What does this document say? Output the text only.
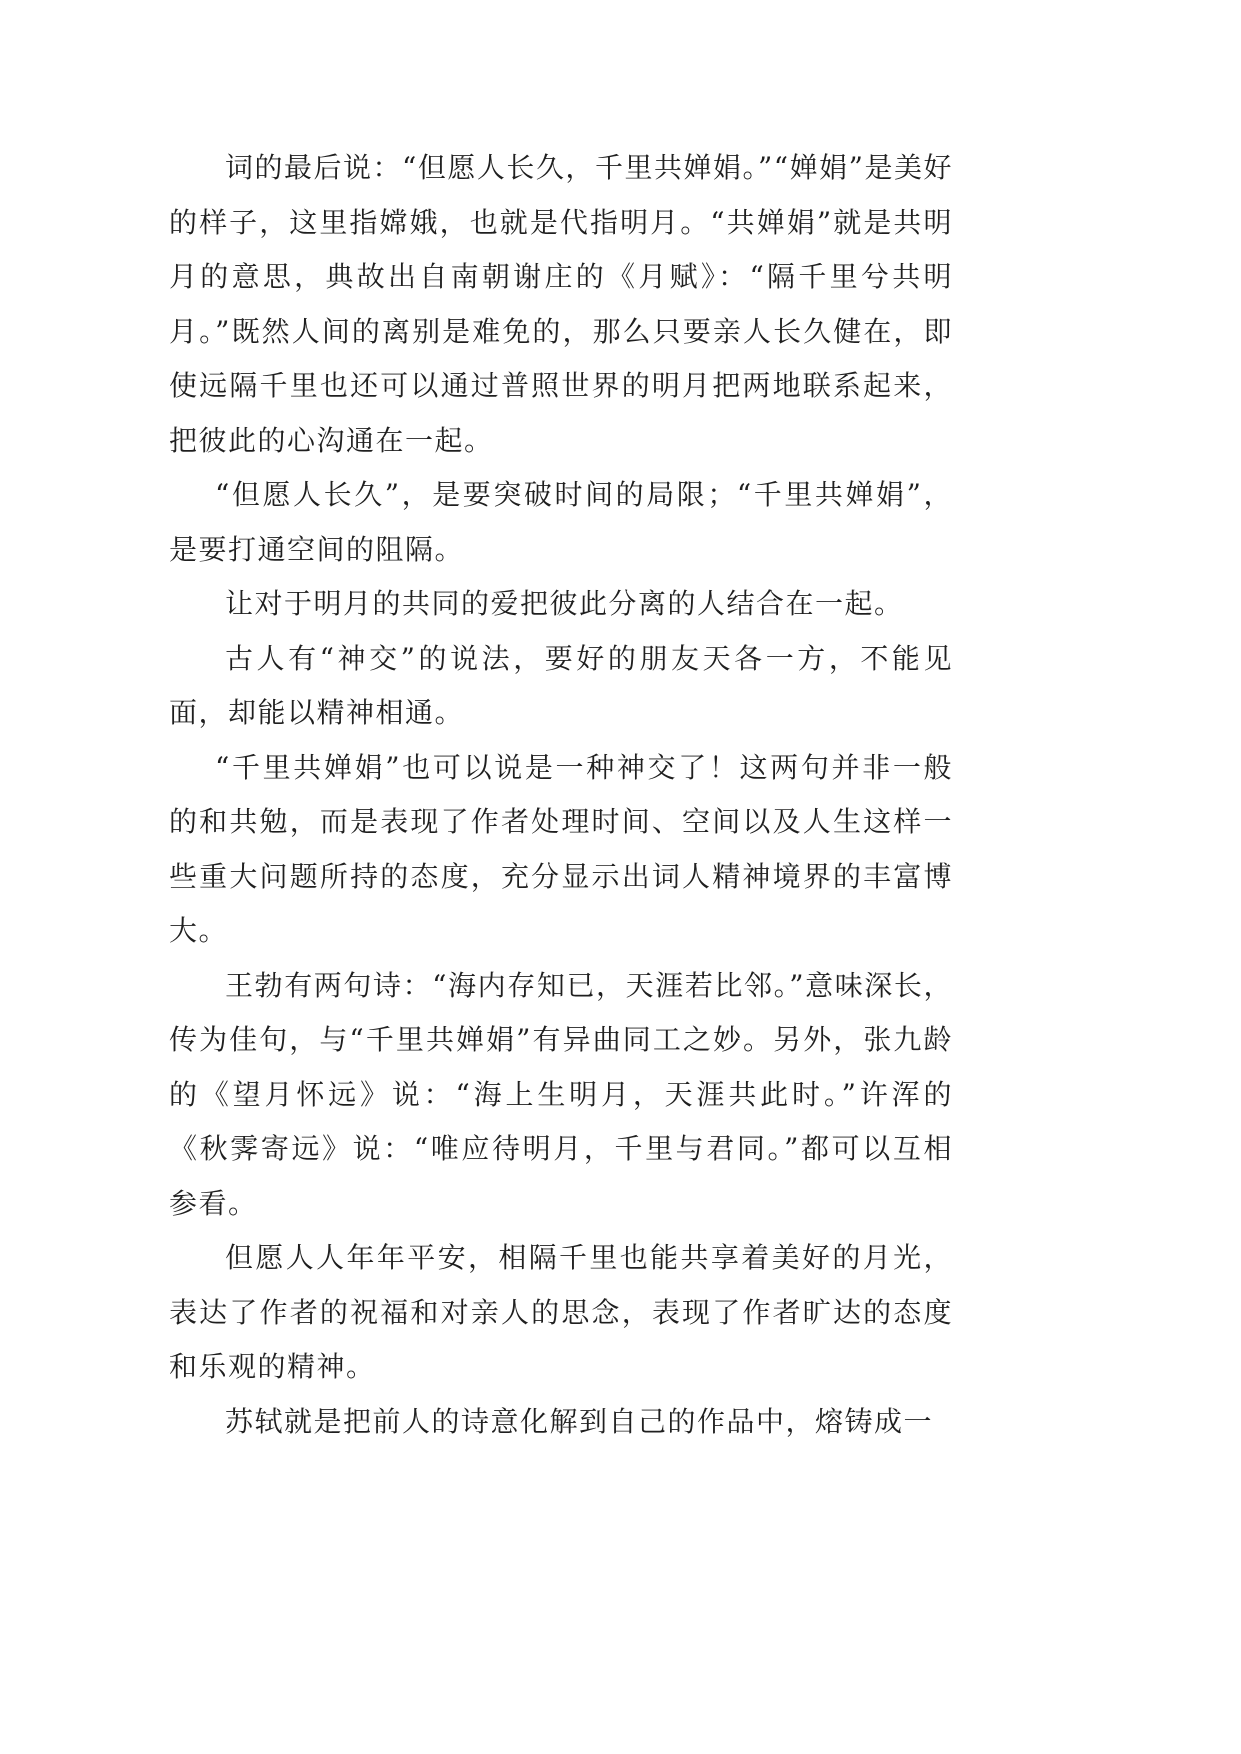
词的最后说：“但愿人长久，千里共婵娟。”“婵娟”是美好的样子，这里指嫦娥，也就是代指明月。“共婵娟”就是共明月的意思，典故出自南朝谢庄的《月赋》：“隔千里兮共明月。”既然人间的离别是难免的，那么只要亲人长久健在，即使远隔千里也还可以通过普照世界的明月把两地联系起来，把彼此的心沟通在一起。

“但愿人长久”，是要突破时间的局限；“千里共婵娟”，是要打通空间的阻隔。

让对于明月的共同的爱把彼此分离的人结合在一起。

古人有“神交”的说法，要好的朋友天各一方，不能见面，却能以精神相通。

“千里共婵娟”也可以说是一种神交了！这两句并非一般的和共勉，而是表现了作者处理时间、空间以及人生这样一些重大问题所持的态度，充分显示出词人精神境界的丰富博大。

王勃有两句诗：“海内存知已，天涯若比邻。”意味深长，传为佳句，与“千里共婵娟”有异曲同工之妙。另外，张九龄的《望月怀远》说：“海上生明月，天涯共此时。”许浑的《秋霁寄远》说：“唯应待明月，千里与君同。”都可以互相参看。

但愿人人年年平安，相隔千里也能共享着美好的月光，表达了作者的祝福和对亲人的思念，表现了作者旷达的态度和乐观的精神。

苏轼就是把前人的诗意化解到自己的作品中，熔铸成一
